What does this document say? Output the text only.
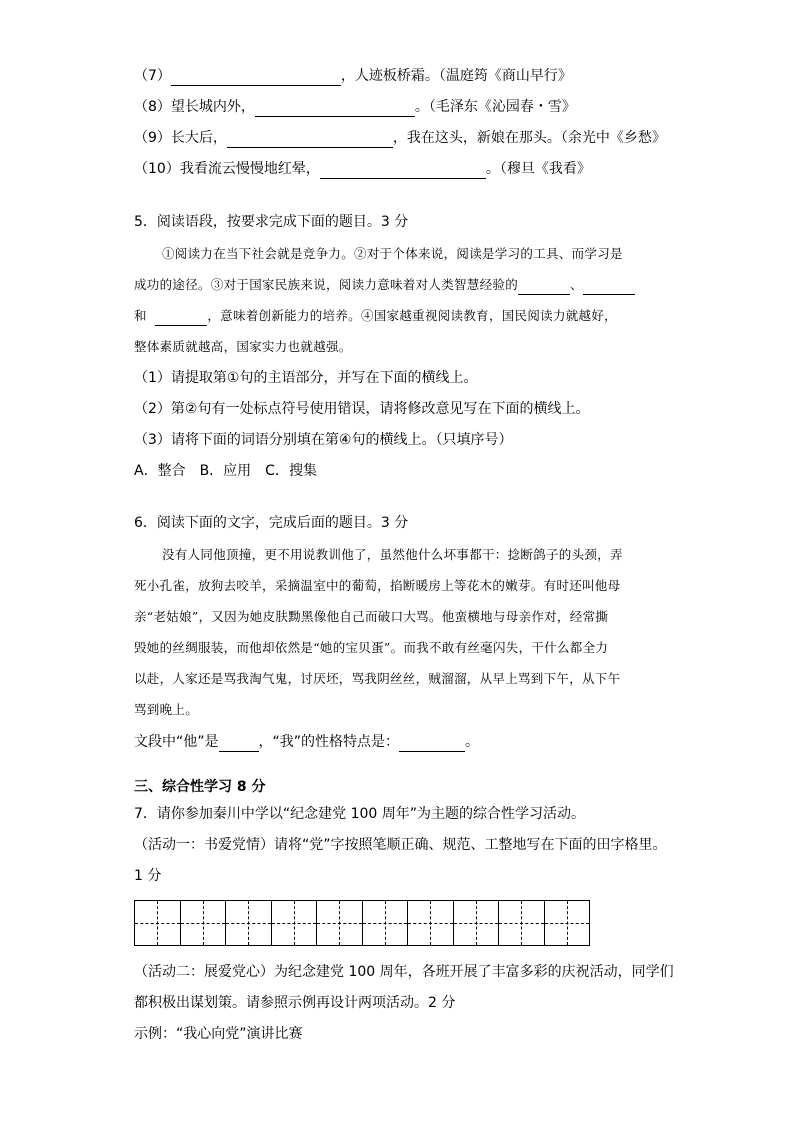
（7）	，人迹板桥霜。（温庭筠《商山早行》
（8）望长城内外，	。（毛泽东《沁园春・雪》
（9）长大后，	，我在这头，新娘在那头。（余光中《乡愁》
（10）我看流云慢慢地红晕，	。（穆旦《我看》
5．阅读语段，按要求完成下面的题目。3 分
①阅读力在当下社会就是竞争力。②对于个体来说，阅读是学习的工具、而学习是
成功的途径。③对于国家民族来说，阅读力意味着对人类智慧经验的	、
和	，意味着创新能力的培养。④国家越重视阅读教育，国民阅读力就越好，
整体素质就越高，国家实力也就越强。
（1）请提取第①句的主语部分，并写在下面的横线上。
（2）第②句有一处标点符号使用错误，请将修改意见写在下面的横线上。
（3）请将下面的词语分别填在第④句的横线上。（只填序号）
A．整合　B．应用　C．搜集
6．阅读下面的文字，完成后面的题目。3 分
没有人同他顶撞，更不用说教训他了，虽然他什么坏事都干：捻断鸽子的头颈，弄
死小孔雀，放狗去咬羊，采摘温室中的葡萄，掐断暖房上等花木的嫩芽。有时还叫他母
亲“老姑娘”，又因为她皮肤黝黑像他自己而破口大骂。他蛮横地与母亲作对，经常撕
毁她的丝绸服装，而他却依然是“她的宝贝蛋”。而我不敢有丝毫闪失，干什么都全力
以赴，人家还是骂我淘气鬼，讨厌坯，骂我阴丝丝，贼溜溜，从早上骂到下午，从下午
骂到晚上。
文段中“他”是	，“我”的性格特点是：	。
三、综合性学习 8 分
7．请你参加秦川中学以“纪念建党 100 周年”为主题的综合性学习活动。
（活动一：书爱党情）请将“党”字按照笔顺正确、规范、工整地写在下面的田字格里。
1 分
（活动二：展爱党心）为纪念建党 100 周年，各班开展了丰富多彩的庆祝活动，同学们
都积极出谋划策。请参照示例再设计两项活动。2 分
示例：“我心向党”演讲比赛
